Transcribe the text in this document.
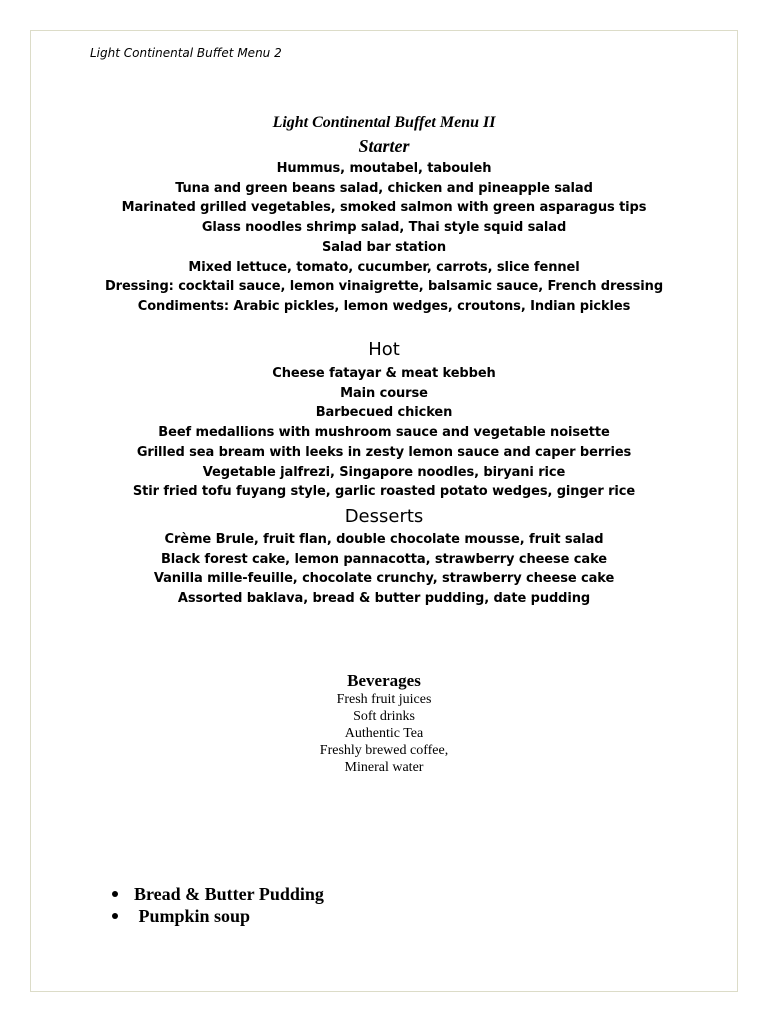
Light Continental Buffet Menu 2
Light Continental Buffet Menu II
Starter
Hummus, moutabel, tabouleh
Tuna and green beans salad, chicken and pineapple salad
Marinated grilled vegetables, smoked salmon with green asparagus tips
Glass noodles shrimp salad, Thai style squid salad
Salad bar station
Mixed lettuce, tomato, cucumber, carrots, slice fennel
Dressing: cocktail sauce, lemon vinaigrette, balsamic sauce, French dressing
Condiments: Arabic pickles, lemon wedges, croutons, Indian pickles
Hot
Cheese fatayar & meat kebbeh
Main course
Barbecued chicken
Beef medallions with mushroom sauce and vegetable noisette
Grilled sea bream with leeks in zesty lemon sauce and caper berries
Vegetable jalfrezi, Singapore noodles, biryani rice
Stir fried tofu fuyang style, garlic roasted potato wedges, ginger rice
Desserts
Crème Brule, fruit flan, double chocolate mousse, fruit salad
Black forest cake, lemon pannacotta, strawberry cheese cake
Vanilla mille-feuille, chocolate crunchy, strawberry cheese cake
Assorted baklava, bread & butter pudding, date pudding
Beverages
Fresh fruit juices
Soft drinks
Authentic Tea
Freshly brewed coffee,
Mineral water
Bread & Butter Pudding
Pumpkin soup
